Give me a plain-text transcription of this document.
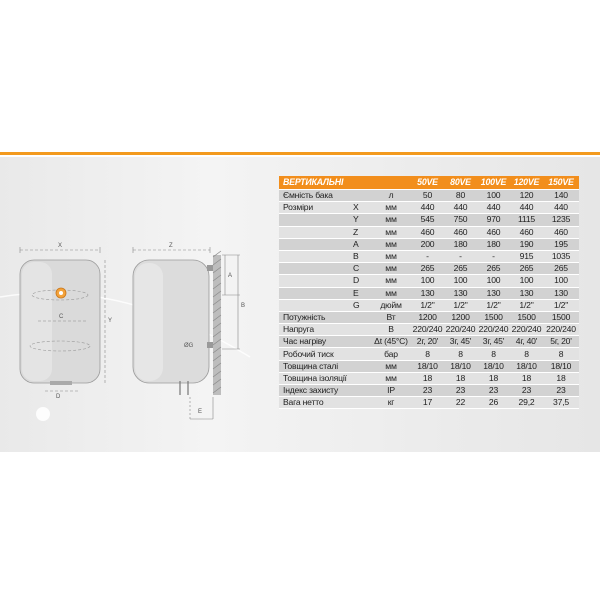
X
C
Y
D
Z
A
B
ØG
E
ВЕРТИКАЛЬНІ			50VE	80VE	100VE	120VE	150VE
Ємність бака		л	50	80	100	120	140
Розміри	X	мм	440	440	440	440	440
	Y	мм	545	750	970	1115	1235
	Z	мм	460	460	460	460	460
	A	мм	200	180	180	190	195
	B	мм	-	-	-	915	1035
	C	мм	265	265	265	265	265
	D	мм	100	100	100	100	100
	E	мм	130	130	130	130	130
	G	дюйм	1/2"	1/2"	1/2"	1/2"	1/2"
Потужність		Вт	1200	1200	1500	1500	1500
Напруга		В	220/240	220/240	220/240	220/240	220/240
Час нагріву		Δt (45°С)	2г, 20'	3г, 45'	3г, 45'	4г, 40'	5г, 20'
Робочий тиск		бар	8	8	8	8	8
Товщина сталі		мм	18/10	18/10	18/10	18/10	18/10
Товщина ізоляції		мм	18	18	18	18	18
Індекс захисту		IP	23	23	23	23	23
Вага нетто		кг	17	22	26	29,2	37,5
